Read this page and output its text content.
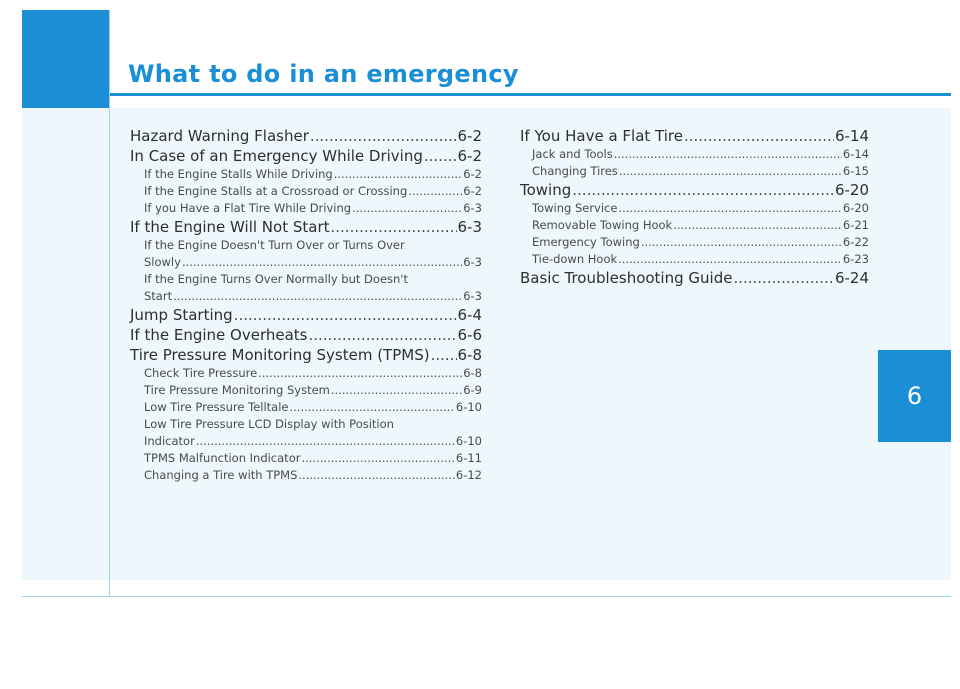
What to do in an emergency
6
Hazard Warning Flasher .....	6-2
In Case of an Emergency While Driving ..... 6-2
If the Engine Stalls While Driving .....	6-2
If the Engine Stalls at a Crossroad or Crossing .....	6-2
If you Have a Flat Tire While Driving .....	6-3
If the Engine Will Not Start .....	6-3
If the Engine Doesn't Turn Over or Turns Over
Slowly .....	6-3
If the Engine Turns Over Normally but Doesn't
Start .....	6-3
Jump Starting .....	6-4
If the Engine Overheats .....	6-6
Tire Pressure Monitoring System (TPMS) ..... 6-8
Check Tire Pressure .....	6-8
Tire Pressure Monitoring System .....	6-9
Low Tire Pressure Telltale .....	6-10
Low Tire Pressure LCD Display with Position
Indicator .....	6-10
TPMS Malfunction Indicator .....	6-11
Changing a Tire with TPMS .....	6-12
If You Have a Flat Tire .....	6-14
Jack and Tools .....	6-14
Changing Tires .....	6-15
Towing .....	6-20
Towing Service .....	6-20
Removable Towing Hook .....	6-21
Emergency Towing .....	6-22
Tie-down Hook .....	6-23
Basic Troubleshooting Guide .....	6-24
